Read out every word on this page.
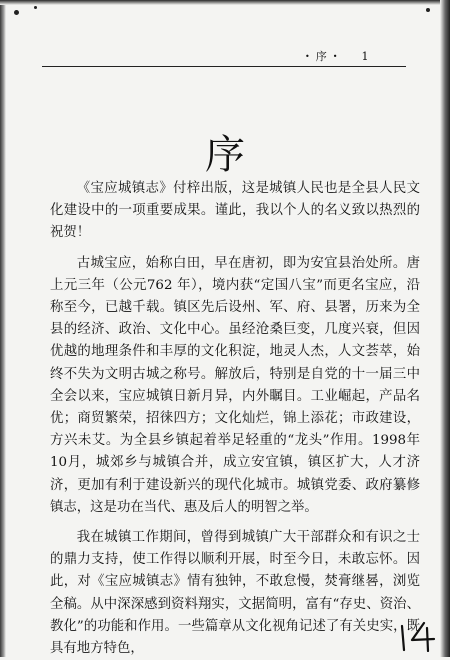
• 序 • 1
序

《宝应城镇志》付梓出版，这是城镇人民也是全县人民文化建设中的一项重要成果。谨此，我以个人的名义致以热烈的祝贺！

古城宝应，始称白田，早在唐初，即为安宜县治处所。唐上元三年（公元762 年），境内获“定国八宝”而更名宝应，沿称至今，已越千载。镇区先后设州、军、府、县署，历来为全县的经济、政治、文化中心。虽经沧桑巨变，几度兴衰，但因优越的地理条件和丰厚的文化积淀，地灵人杰，人文荟萃，始终不失为文明古城之称号。解放后，特别是自党的十一届三中全会以来，宝应城镇日新月异，内外瞩目。工业崛起，产品名优；商贸繁荣，招徕四方；文化灿烂，锦上添花；市政建设，方兴未艾。为全县乡镇起着举足轻重的“龙头”作用。1998年10月，城郊乡与城镇合并，成立安宜镇，镇区扩大，人才济济，更加有利于建设新兴的现代化城市。城镇党委、政府纂修镇志，这是功在当代、惠及后人的明智之举。

我在城镇工作期间，曾得到城镇广大干部群众和有识之士的鼎力支持，使工作得以顺利开展，时至今日，未敢忘怀。因此，对《宝应城镇志》情有独钟，不敢怠慢，焚膏继晷，浏览全稿。从中深深感到资料翔实，文据简明，富有“存史、资治、教化”的功能和作用。一些篇章从文化视角记述了有关史实，既具有地方特色，
